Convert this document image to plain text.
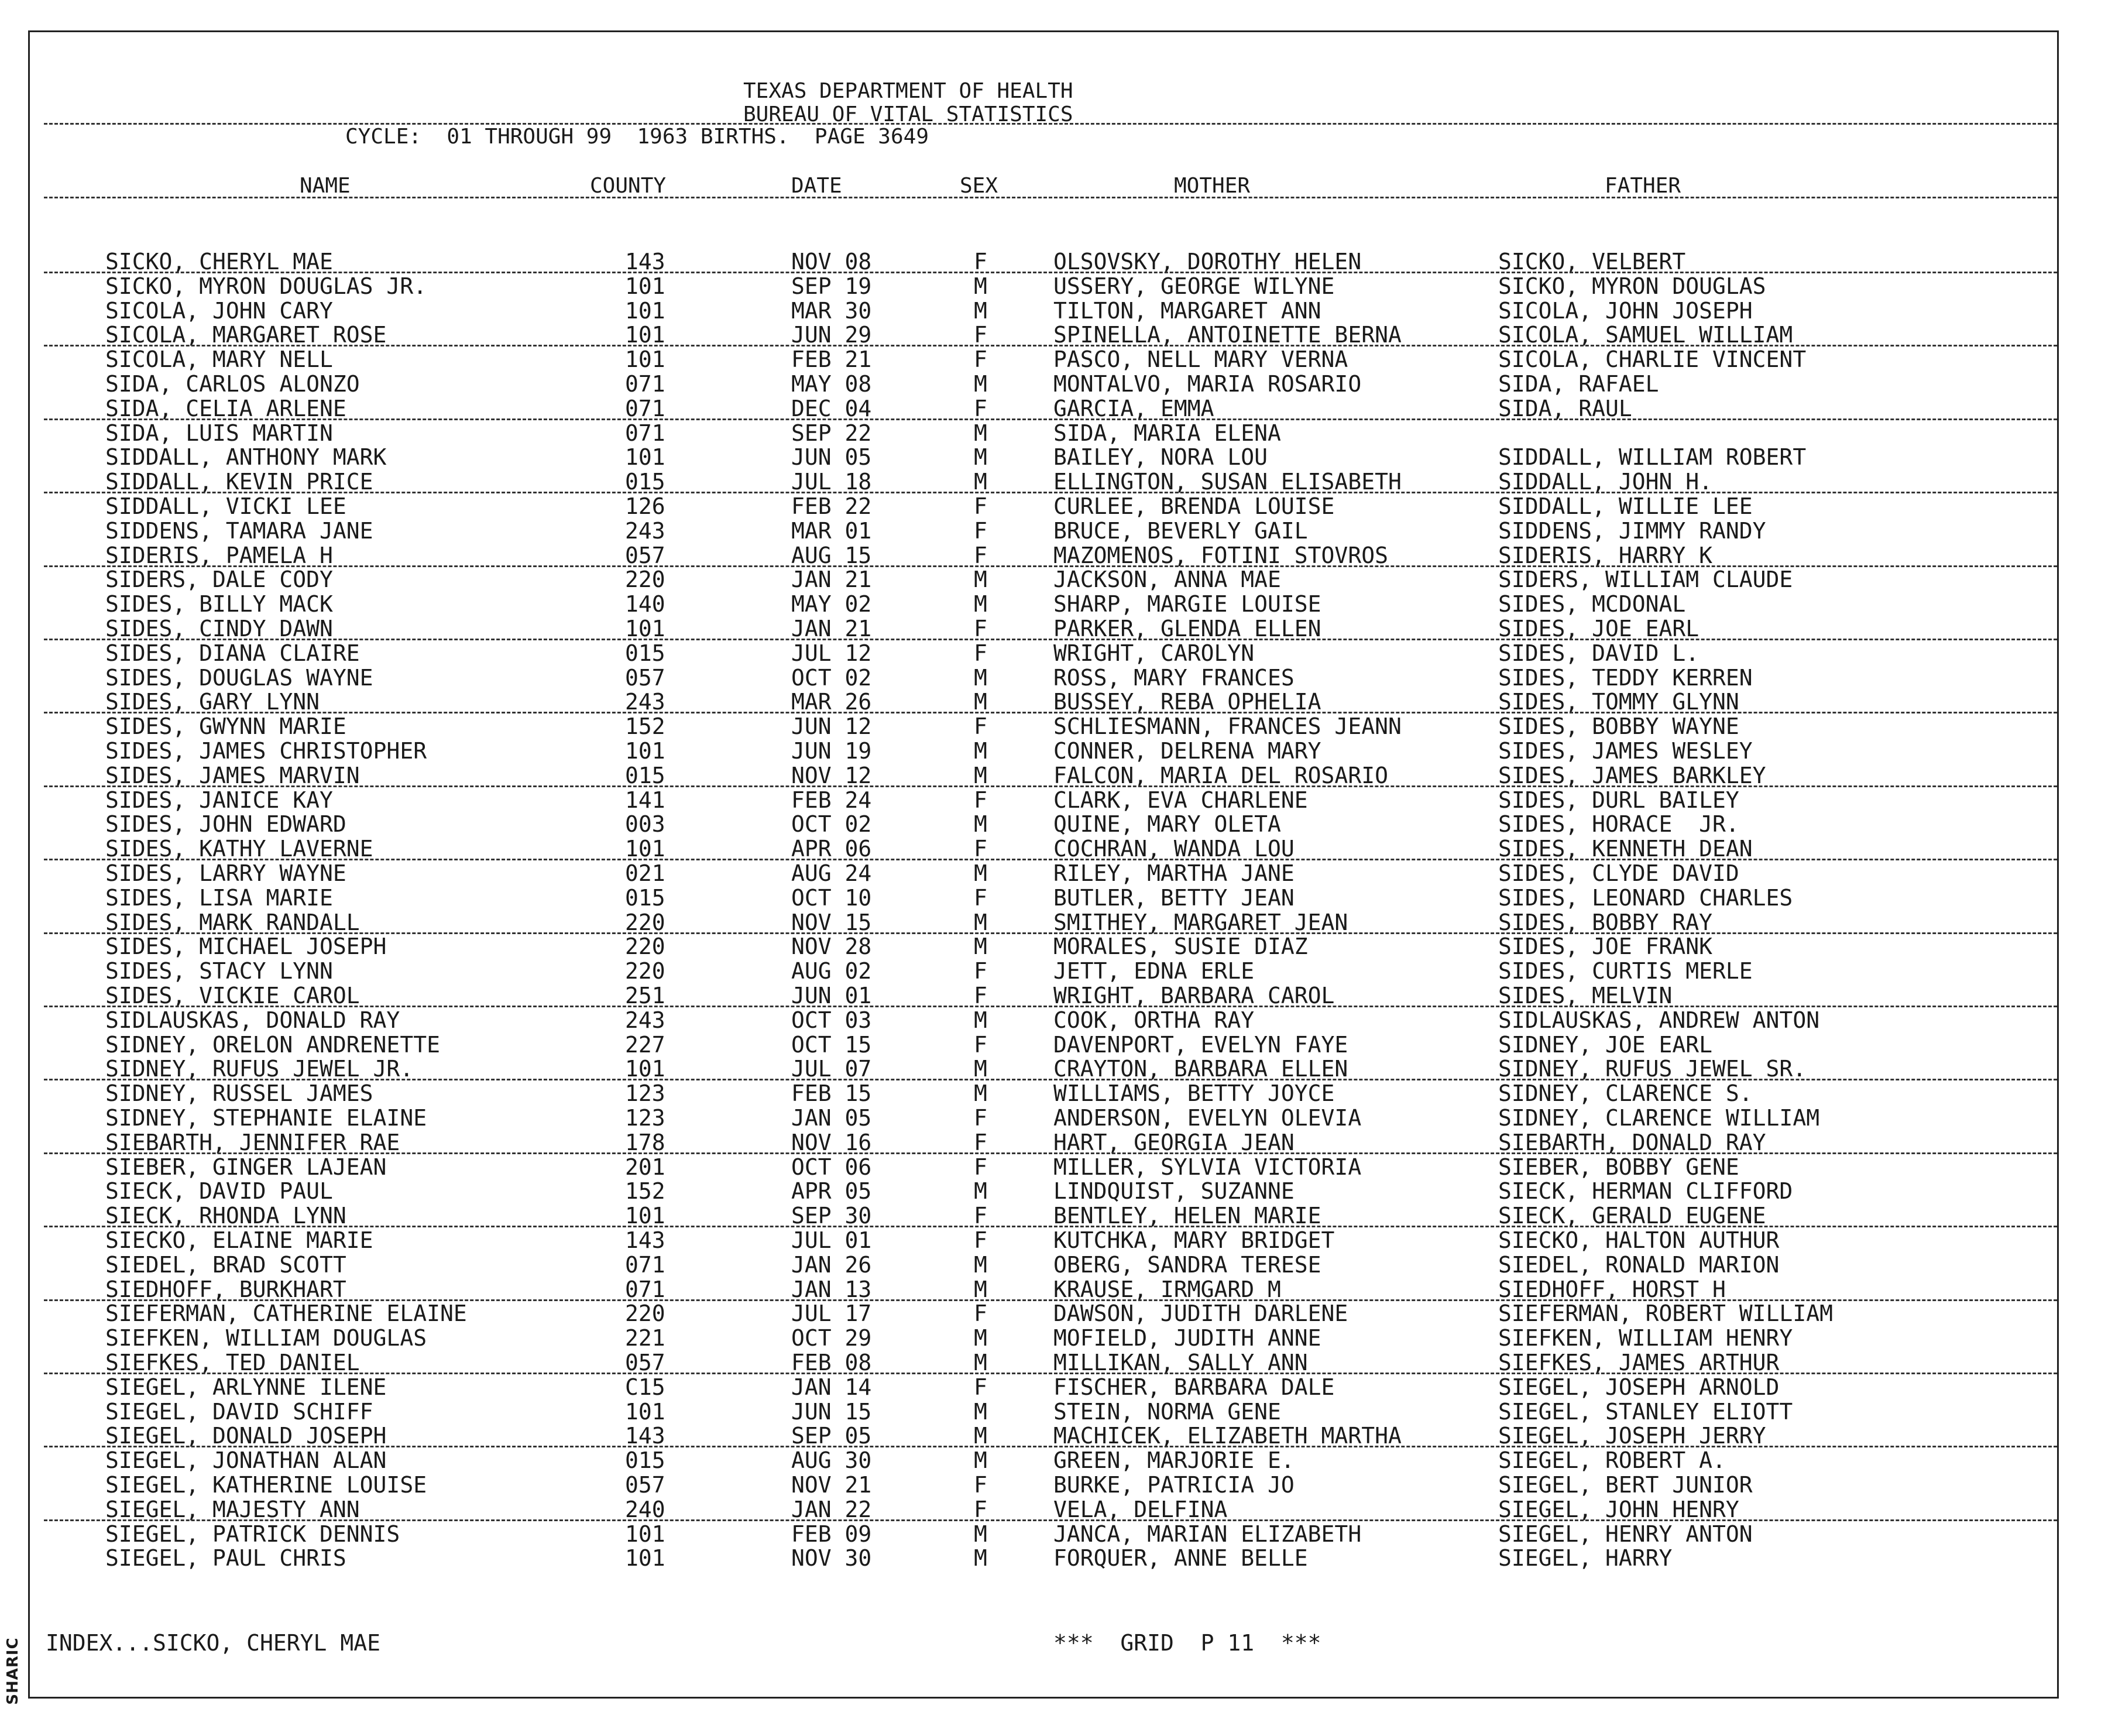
SHARIC
TEXAS DEPARTMENT OF HEALTH
BUREAU OF VITAL STATISTICS
CYCLE:  01 THROUGH 99  1963 BIRTHS.  PAGE 3649
NAME	COUNTY	DATE	SEX	MOTHER	FATHER
SICKO, CHERYL MAE	143	NOV 08	F	OLSOVSKY, DOROTHY HELEN	SICKO, VELBERT
SICKO, MYRON DOUGLAS JR.	101	SEP 19	M	USSERY, GEORGE WILYNE	SICKO, MYRON DOUGLAS
SICOLA, JOHN CARY	101	MAR 30	M	TILTON, MARGARET ANN	SICOLA, JOHN JOSEPH
SICOLA, MARGARET ROSE	101	JUN 29	F	SPINELLA, ANTOINETTE BERNA	SICOLA, SAMUEL WILLIAM
SICOLA, MARY NELL	101	FEB 21	F	PASCO, NELL MARY VERNA	SICOLA, CHARLIE VINCENT
SIDA, CARLOS ALONZO	071	MAY 08	M	MONTALVO, MARIA ROSARIO	SIDA, RAFAEL
SIDA, CELIA ARLENE	071	DEC 04	F	GARCIA, EMMA	SIDA, RAUL
SIDA, LUIS MARTIN	071	SEP 22	M	SIDA, MARIA ELENA
SIDDALL, ANTHONY MARK	101	JUN 05	M	BAILEY, NORA LOU	SIDDALL, WILLIAM ROBERT
SIDDALL, KEVIN PRICE	015	JUL 18	M	ELLINGTON, SUSAN ELISABETH	SIDDALL, JOHN H.
SIDDALL, VICKI LEE	126	FEB 22	F	CURLEE, BRENDA LOUISE	SIDDALL, WILLIE LEE
SIDDENS, TAMARA JANE	243	MAR 01	F	BRUCE, BEVERLY GAIL	SIDDENS, JIMMY RANDY
SIDERIS, PAMELA H	057	AUG 15	F	MAZOMENOS, FOTINI STOVROS	SIDERIS, HARRY K
SIDERS, DALE CODY	220	JAN 21	M	JACKSON, ANNA MAE	SIDERS, WILLIAM CLAUDE
SIDES, BILLY MACK	140	MAY 02	M	SHARP, MARGIE LOUISE	SIDES, MCDONAL
SIDES, CINDY DAWN	101	JAN 21	F	PARKER, GLENDA ELLEN	SIDES, JOE EARL
SIDES, DIANA CLAIRE	015	JUL 12	F	WRIGHT, CAROLYN	SIDES, DAVID L.
SIDES, DOUGLAS WAYNE	057	OCT 02	M	ROSS, MARY FRANCES	SIDES, TEDDY KERREN
SIDES, GARY LYNN	243	MAR 26	M	BUSSEY, REBA OPHELIA	SIDES, TOMMY GLYNN
SIDES, GWYNN MARIE	152	JUN 12	F	SCHLIESMANN, FRANCES JEANN	SIDES, BOBBY WAYNE
SIDES, JAMES CHRISTOPHER	101	JUN 19	M	CONNER, DELRENA MARY	SIDES, JAMES WESLEY
SIDES, JAMES MARVIN	015	NOV 12	M	FALCON, MARIA DEL ROSARIO	SIDES, JAMES BARKLEY
SIDES, JANICE KAY	141	FEB 24	F	CLARK, EVA CHARLENE	SIDES, DURL BAILEY
SIDES, JOHN EDWARD	003	OCT 02	M	QUINE, MARY OLETA	SIDES, HORACE  JR.
SIDES, KATHY LAVERNE	101	APR 06	F	COCHRAN, WANDA LOU	SIDES, KENNETH DEAN
SIDES, LARRY WAYNE	021	AUG 24	M	RILEY, MARTHA JANE	SIDES, CLYDE DAVID
SIDES, LISA MARIE	015	OCT 10	F	BUTLER, BETTY JEAN	SIDES, LEONARD CHARLES
SIDES, MARK RANDALL	220	NOV 15	M	SMITHEY, MARGARET JEAN	SIDES, BOBBY RAY
SIDES, MICHAEL JOSEPH	220	NOV 28	M	MORALES, SUSIE DIAZ	SIDES, JOE FRANK
SIDES, STACY LYNN	220	AUG 02	F	JETT, EDNA ERLE	SIDES, CURTIS MERLE
SIDES, VICKIE CAROL	251	JUN 01	F	WRIGHT, BARBARA CAROL	SIDES, MELVIN
SIDLAUSKAS, DONALD RAY	243	OCT 03	M	COOK, ORTHA RAY	SIDLAUSKAS, ANDREW ANTON
SIDNEY, ORELON ANDRENETTE	227	OCT 15	F	DAVENPORT, EVELYN FAYE	SIDNEY, JOE EARL
SIDNEY, RUFUS JEWEL JR.	101	JUL 07	M	CRAYTON, BARBARA ELLEN	SIDNEY, RUFUS JEWEL SR.
SIDNEY, RUSSEL JAMES	123	FEB 15	M	WILLIAMS, BETTY JOYCE	SIDNEY, CLARENCE S.
SIDNEY, STEPHANIE ELAINE	123	JAN 05	F	ANDERSON, EVELYN OLEVIA	SIDNEY, CLARENCE WILLIAM
SIEBARTH, JENNIFER RAE	178	NOV 16	F	HART, GEORGIA JEAN	SIEBARTH, DONALD RAY
SIEBER, GINGER LAJEAN	201	OCT 06	F	MILLER, SYLVIA VICTORIA	SIEBER, BOBBY GENE
SIECK, DAVID PAUL	152	APR 05	M	LINDQUIST, SUZANNE	SIECK, HERMAN CLIFFORD
SIECK, RHONDA LYNN	101	SEP 30	F	BENTLEY, HELEN MARIE	SIECK, GERALD EUGENE
SIECKO, ELAINE MARIE	143	JUL 01	F	KUTCHKA, MARY BRIDGET	SIECKO, HALTON AUTHUR
SIEDEL, BRAD SCOTT	071	JAN 26	M	OBERG, SANDRA TERESE	SIEDEL, RONALD MARION
SIEDHOFF, BURKHART	071	JAN 13	M	KRAUSE, IRMGARD M	SIEDHOFF, HORST H
SIEFERMAN, CATHERINE ELAINE	220	JUL 17	F	DAWSON, JUDITH DARLENE	SIEFERMAN, ROBERT WILLIAM
SIEFKEN, WILLIAM DOUGLAS	221	OCT 29	M	MOFIELD, JUDITH ANNE	SIEFKEN, WILLIAM HENRY
SIEFKES, TED DANIEL	057	FEB 08	M	MILLIKAN, SALLY ANN	SIEFKES, JAMES ARTHUR
SIEGEL, ARLYNNE ILENE	C15	JAN 14	F	FISCHER, BARBARA DALE	SIEGEL, JOSEPH ARNOLD
SIEGEL, DAVID SCHIFF	101	JUN 15	M	STEIN, NORMA GENE	SIEGEL, STANLEY ELIOTT
SIEGEL, DONALD JOSEPH	143	SEP 05	M	MACHICEK, ELIZABETH MARTHA	SIEGEL, JOSEPH JERRY
SIEGEL, JONATHAN ALAN	015	AUG 30	M	GREEN, MARJORIE E.	SIEGEL, ROBERT A.
SIEGEL, KATHERINE LOUISE	057	NOV 21	F	BURKE, PATRICIA JO	SIEGEL, BERT JUNIOR
SIEGEL, MAJESTY ANN	240	JAN 22	F	VELA, DELFINA	SIEGEL, JOHN HENRY
SIEGEL, PATRICK DENNIS	101	FEB 09	M	JANCA, MARIAN ELIZABETH	SIEGEL, HENRY ANTON
SIEGEL, PAUL CHRIS	101	NOV 30	M	FORQUER, ANNE BELLE	SIEGEL, HARRY
INDEX...SICKO, CHERYL MAE	***  GRID  P 11  ***
